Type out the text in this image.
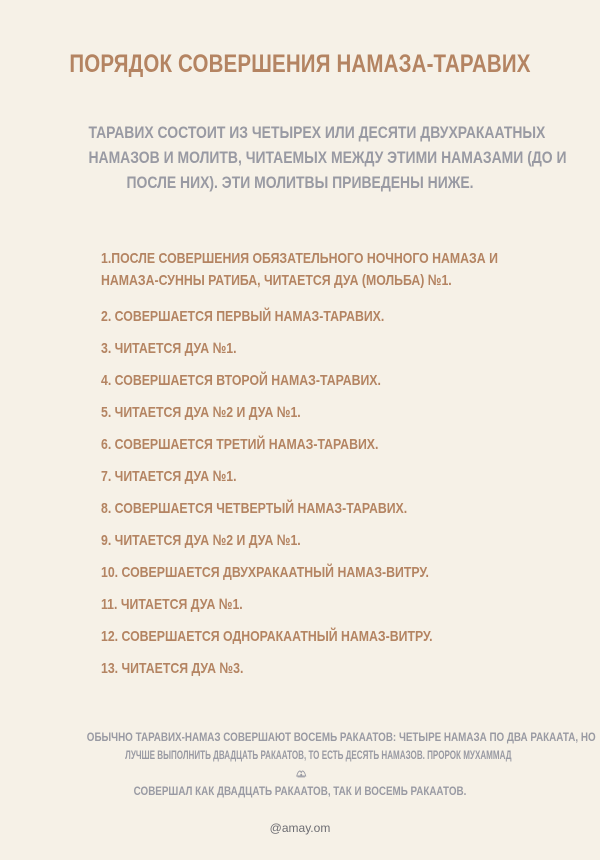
ПОРЯДОК СОВЕРШЕНИЯ НАМАЗА-ТАРАВИХ
ТАРАВИХ СОСТОИТ ИЗ ЧЕТЫРЕХ ИЛИ ДЕСЯТИ ДВУХРАКААТНЫХ
НАМАЗОВ И МОЛИТВ, ЧИТАЕМЫХ МЕЖДУ ЭТИМИ НАМАЗАМИ (ДО И
ПОСЛЕ НИХ). ЭТИ МОЛИТВЫ ПРИВЕДЕНЫ НИЖЕ.
1.ПОСЛЕ СОВЕРШЕНИЯ ОБЯЗАТЕЛЬНОГО НОЧНОГО НАМАЗА И
НАМАЗА-СУННЫ РАТИБА, ЧИТАЕТСЯ ДУА (МОЛЬБА) №1.
2. СОВЕРШАЕТСЯ ПЕРВЫЙ НАМАЗ-ТАРАВИХ.
3. ЧИТАЕТСЯ ДУА №1.
4. СОВЕРШАЕТСЯ ВТОРОЙ НАМАЗ-ТАРАВИХ.
5. ЧИТАЕТСЯ ДУА №2 И ДУА №1.
6. СОВЕРШАЕТСЯ ТРЕТИЙ НАМАЗ-ТАРАВИХ.
7. ЧИТАЕТСЯ ДУА №1.
8. СОВЕРШАЕТСЯ ЧЕТВЕРТЫЙ НАМАЗ-ТАРАВИХ.
9. ЧИТАЕТСЯ ДУА №2 И ДУА №1.
10. СОВЕРШАЕТСЯ ДВУХРАКААТНЫЙ НАМАЗ-ВИТРУ.
11. ЧИТАЕТСЯ ДУА №1.
12. СОВЕРШАЕТСЯ ОДНОРАКААТНЫЙ НАМАЗ-ВИТРУ.
13. ЧИТАЕТСЯ ДУА №3.
ОБЫЧНО ТАРАВИХ-НАМАЗ СОВЕРШАЮТ ВОСЕМЬ РАКААТОВ: ЧЕТЫРЕ НАМАЗА ПО ДВА РАКААТА, НО
ЛУЧШЕ ВЫПОЛНИТЬ ДВАДЦАТЬ РАКААТОВ, ТО ЕСТЬ ДЕСЯТЬ НАМАЗОВ. ПРОРОК МУХАММАД
СОВЕРШАЛ КАК ДВАДЦАТЬ РАКААТОВ, ТАК И ВОСЕМЬ РАКААТОВ.
@amay.om
